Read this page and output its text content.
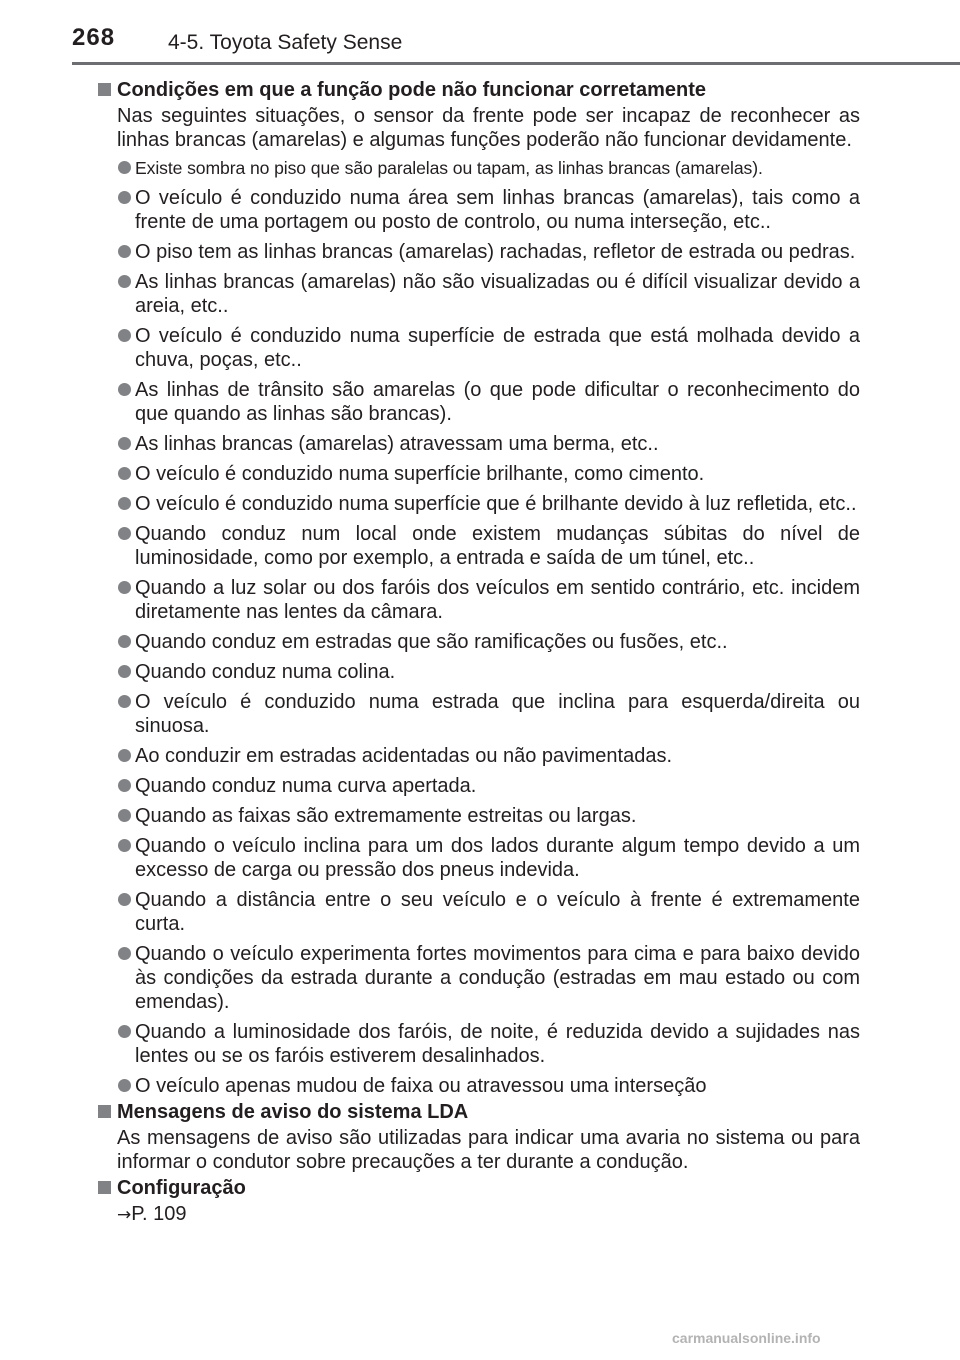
268	4-5. Toyota Safety Sense
Condições em que a função pode não funcionar corretamente
Nas seguintes situações, o sensor da frente pode ser incapaz de reconhecer as linhas brancas (amarelas) e algumas funções poderão não funcionar devidamente.
Existe sombra no piso que são paralelas ou tapam, as linhas brancas (amarelas).
O veículo é conduzido numa área sem linhas brancas (amarelas), tais como a frente de uma portagem ou posto de controlo, ou numa interseção, etc..
O piso tem as linhas brancas (amarelas) rachadas, refletor de estrada ou pedras.
As linhas brancas (amarelas) não são visualizadas ou é difícil visualizar devido a areia, etc..
O veículo é conduzido numa superfície de estrada que está molhada devido a chuva, poças, etc..
As linhas de trânsito são amarelas (o que pode dificultar o reconhecimento do que quando as linhas são brancas).
As linhas brancas (amarelas) atravessam uma berma, etc..
O veículo é conduzido numa superfície brilhante, como cimento.
O veículo é conduzido numa superfície que é brilhante devido à luz refletida, etc..
Quando conduz num local onde existem mudanças súbitas do nível de luminosidade, como por exemplo, a entrada e saída de um túnel, etc..
Quando a luz solar ou dos faróis dos veículos em sentido contrário, etc. incidem diretamente nas lentes da câmara.
Quando conduz em estradas que são ramificações ou fusões, etc..
Quando conduz numa colina.
O veículo é conduzido numa estrada que inclina para esquerda/direita ou sinuosa.
Ao conduzir em estradas acidentadas ou não pavimentadas.
Quando conduz numa curva apertada.
Quando as faixas são extremamente estreitas ou largas.
Quando o veículo inclina para um dos lados durante algum tempo devido a um excesso de carga ou pressão dos pneus indevida.
Quando a distância entre o seu veículo e o veículo à frente é extremamente curta.
Quando o veículo experimenta fortes movimentos para cima e para baixo devido às condições da estrada durante a condução (estradas em mau estado ou com emendas).
Quando a luminosidade dos faróis, de noite, é reduzida devido a sujidades nas lentes ou se os faróis estiverem desalinhados.
O veículo apenas mudou de faixa ou atravessou uma interseção
Mensagens de aviso do sistema LDA
As mensagens de aviso são utilizadas para indicar uma avaria no sistema ou para informar o condutor sobre precauções a ter durante a condução.
Configuração
→P. 109
carmanualsonline.info
